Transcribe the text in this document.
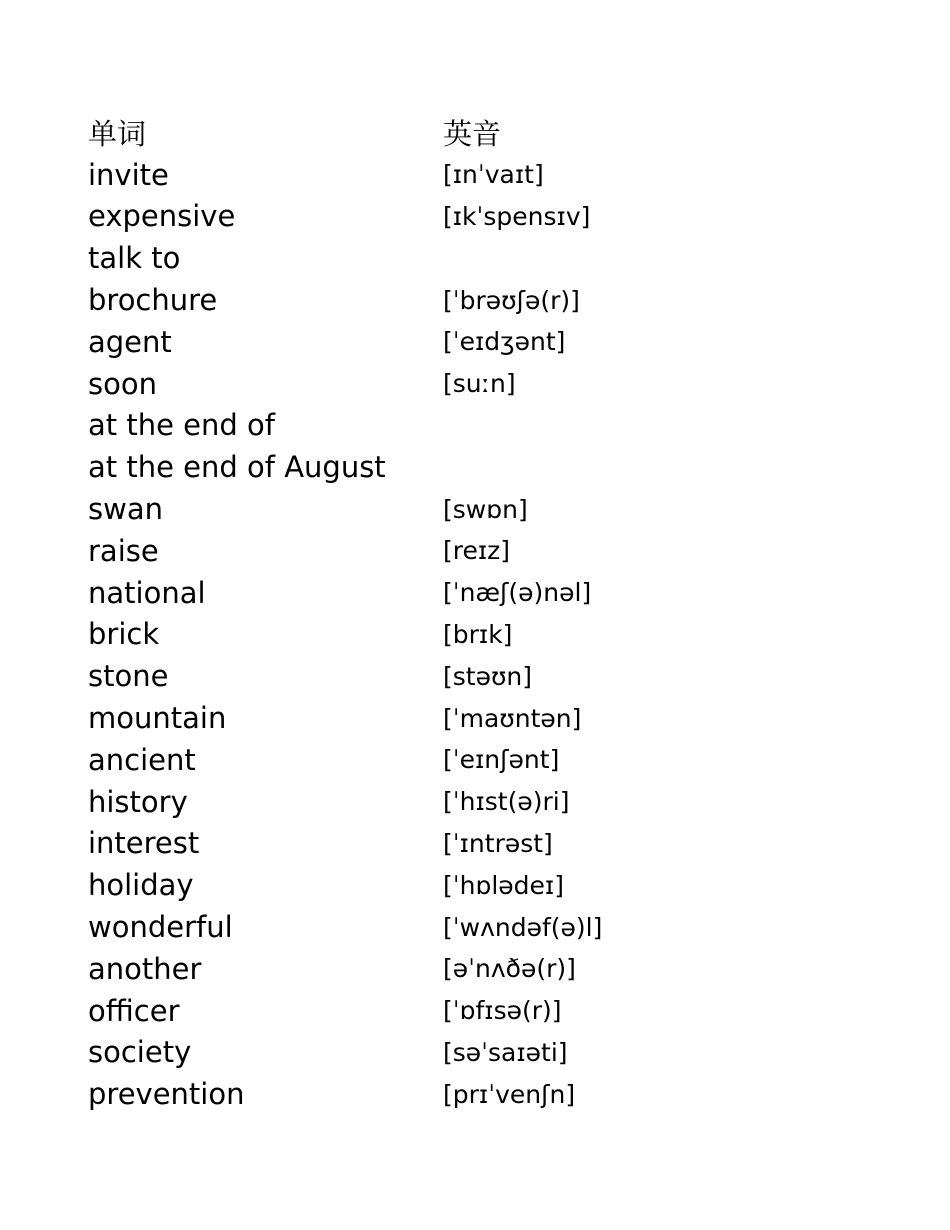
单词	英音
invite	[ɪnˈvaɪt]
expensive	[ɪkˈspensɪv]
talk to
brochure	[ˈbrəʊʃə(r)]
agent	[ˈeɪdʒənt]
soon	[suːn]
at the end of
at the end of August
swan	[swɒn]
raise	[reɪz]
national	[ˈnæʃ(ə)nəl]
brick	[brɪk]
stone	[stəʊn]
mountain	[ˈmaʊntən]
ancient	[ˈeɪnʃənt]
history	[ˈhɪst(ə)ri]
interest	[ˈɪntrəst]
holiday	[ˈhɒlədeɪ]
wonderful	[ˈwʌndəf(ə)l]
another	[əˈnʌðə(r)]
officer	[ˈɒfɪsə(r)]
society	[səˈsaɪəti]
prevention	[prɪˈvenʃn]
